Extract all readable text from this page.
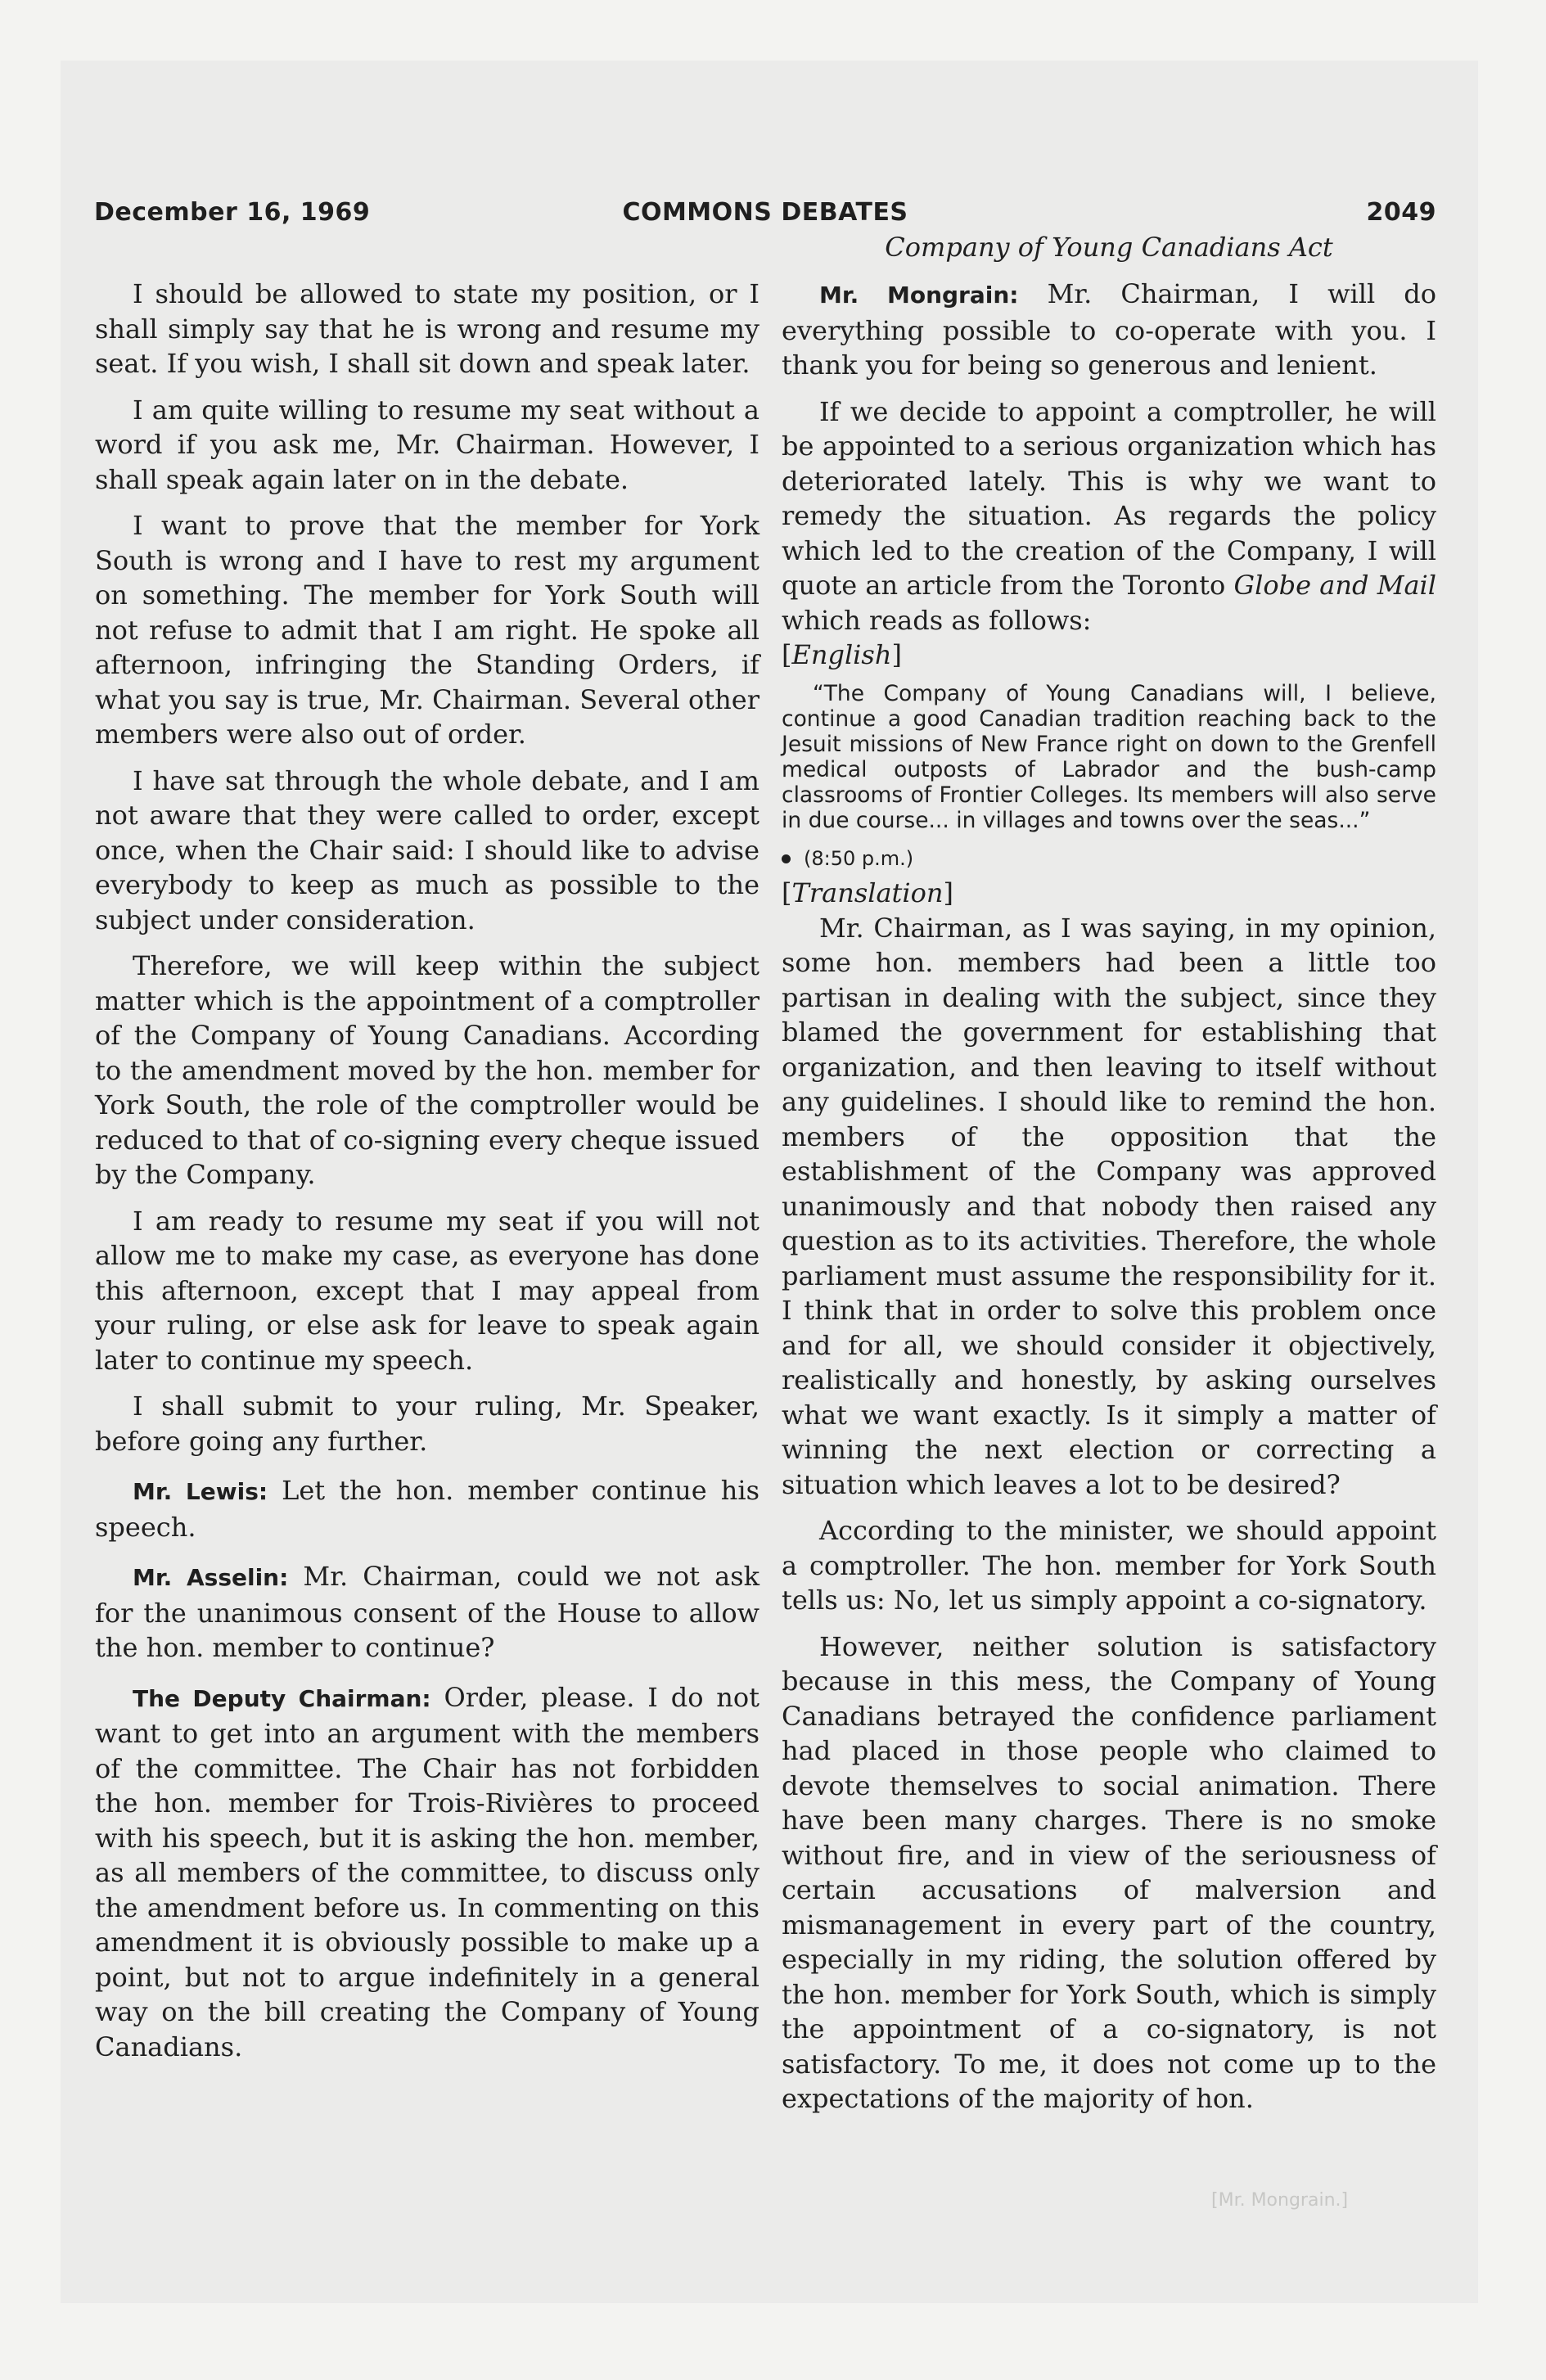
December 16, 1969	COMMONS DEBATES	2049
Company of Young Canadians Act

I should be allowed to state my position, or I shall simply say that he is wrong and resume my seat. If you wish, I shall sit down and speak later.

I am quite willing to resume my seat without a word if you ask me, Mr. Chairman. However, I shall speak again later on in the debate.

I want to prove that the member for York South is wrong and I have to rest my argument on something. The member for York South will not refuse to admit that I am right. He spoke all afternoon, infringing the Standing Orders, if what you say is true, Mr. Chairman. Several other members were also out of order.

I have sat through the whole debate, and I am not aware that they were called to order, except once, when the Chair said: I should like to advise everybody to keep as much as possible to the subject under consideration.

Therefore, we will keep within the subject matter which is the appointment of a comptroller of the Company of Young Canadians. According to the amendment moved by the hon. member for York South, the role of the comptroller would be reduced to that of co-signing every cheque issued by the Company.

I am ready to resume my seat if you will not allow me to make my case, as everyone has done this afternoon, except that I may appeal from your ruling, or else ask for leave to speak again later to continue my speech.

I shall submit to your ruling, Mr. Speaker, before going any further.

Mr. Lewis: Let the hon. member continue his speech.

Mr. Asselin: Mr. Chairman, could we not ask for the unanimous consent of the House to allow the hon. member to continue?

The Deputy Chairman: Order, please. I do not want to get into an argument with the members of the committee. The Chair has not forbidden the hon. member for Trois-Rivières to proceed with his speech, but it is asking the hon. member, as all members of the committee, to discuss only the amendment before us. In commenting on this amendment it is obviously possible to make up a point, but not to argue indefinitely in a general way on the bill creating the Company of Young Canadians.

Mr. Mongrain: Mr. Chairman, I will do everything possible to co-operate with you. I thank you for being so generous and lenient.

If we decide to appoint a comptroller, he will be appointed to a serious organization which has deteriorated lately. This is why we want to remedy the situation. As regards the policy which led to the creation of the Company, I will quote an article from the Toronto Globe and Mail which reads as follows:

[English]

“The Company of Young Canadians will, I believe, continue a good Canadian tradition reaching back to the Jesuit missions of New France right on down to the Grenfell medical outposts of Labrador and the bush-camp classrooms of Frontier Colleges. Its members will also serve in due course... in villages and towns over the seas...”

(8:50 p.m.)

[Translation]

Mr. Chairman, as I was saying, in my opinion, some hon. members had been a little too partisan in dealing with the subject, since they blamed the government for establishing that organization, and then leaving to itself without any guidelines. I should like to remind the hon. members of the opposition that the establishment of the Company was approved unanimously and that nobody then raised any question as to its activities. Therefore, the whole parliament must assume the responsibility for it. I think that in order to solve this problem once and for all, we should consider it objectively, realistically and honestly, by asking ourselves what we want exactly. Is it simply a matter of winning the next election or correcting a situation which leaves a lot to be desired?

According to the minister, we should appoint a comptroller. The hon. member for York South tells us: No, let us simply appoint a co-signatory.

However, neither solution is satisfactory because in this mess, the Company of Young Canadians betrayed the confidence parliament had placed in those people who claimed to devote themselves to social animation. There have been many charges. There is no smoke without fire, and in view of the seriousness of certain accusations of malversion and mismanagement in every part of the country, especially in my riding, the solution offered by the hon. member for York South, which is simply the appointment of a co-signatory, is not satisfactory. To me, it does not come up to the expectations of the majority of hon.

[Mr. Mongrain.]
